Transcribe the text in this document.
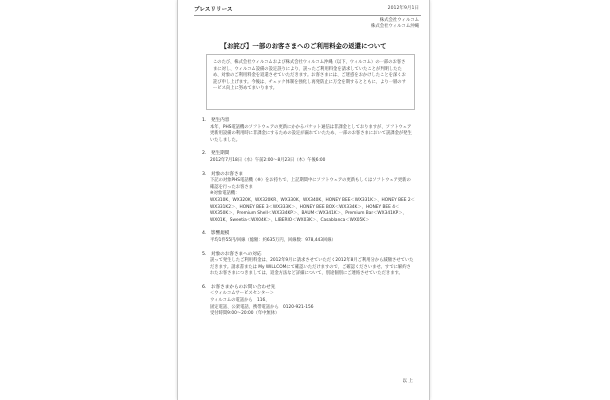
プレスリリース	2012年9月1日
株式会社ウィルコム
株式会社ウィルコム沖縄
【お詫び】一部のお客さまへのご利用料金の返還について
このたび、株式会社ウィルコムおよび株式会社ウィルコム沖縄（以下、ウィルコム）の一部のお客さまに対し、ウィルコム設備の設定誤りにより、誤ったご利用料金を請求していたことが判明したため、対象のご利用料金を返還させていただきます。お客さまには、ご迷惑をおかけしたことを深くお詫び申し上げます。今後は、チェック体制を強化し再発防止に万全を期するとともに、より一層のサービス向上に努めてまいります。
1.　発生内容

本年、PHS電話機のソフトウェアの更新にかかるパケット通信は非課金としておりますが、ソフトウェア更新用設備の利用時に非課金にするための設定が漏れていたため、一部のお客さまにおいて誤課金が発生いたしました。

2.　発生期間

2012年7月18日（水）午前2:00～8月23日（木）午後6:00

3.　対象のお客さま

下記の対象PHS電話機（※）をお持ちで、上記期間中にソフトウェアの更新もしくはソフトウェア更新の確認を行ったお客さま

※対象電話機：

WX310K、WX320K、WX320KR、WX330K、WX340K、HONEY BEE＜WX331K＞、HONEY BEE 2＜WX331K2＞、HONEY BEE 3＜WX333K＞、HONEY BEE BOX＜WX334K＞、HONEY BEE 4＜WX350K＞、Premium Shell＜WX334KP＞、BAUM＜WX341K＞、Premium Bar＜WX341KP＞、WX01K、Sweetia＜WX04K＞、LIBERIO＜WX03K＞、Casablanca＜WX05K＞

4.　影響規模

平均1件55円/回線（総額：約635万円、回線数：978,443回線）

5.　対象のお客さまへの対応

誤って発生したご利用料金は、2012年9月に請求させていただく2012年8月ご利用分から減額させていただきます。請求書または My WILLCOMにて確認いただけますので、ご確認くださいませ。すでに解約されたお客さまにつきましては、返金方法など詳細について、別途個別にご連絡させていただきます。

6.　お客さまからのお問い合わせ先

＜ウィルコムサービスセンター＞

ウィルコムの電話から　116、

固定電話、公衆電話、携帯電話から　0120-921-156

受付時間9:00～20:00（年中無休）

以 上
